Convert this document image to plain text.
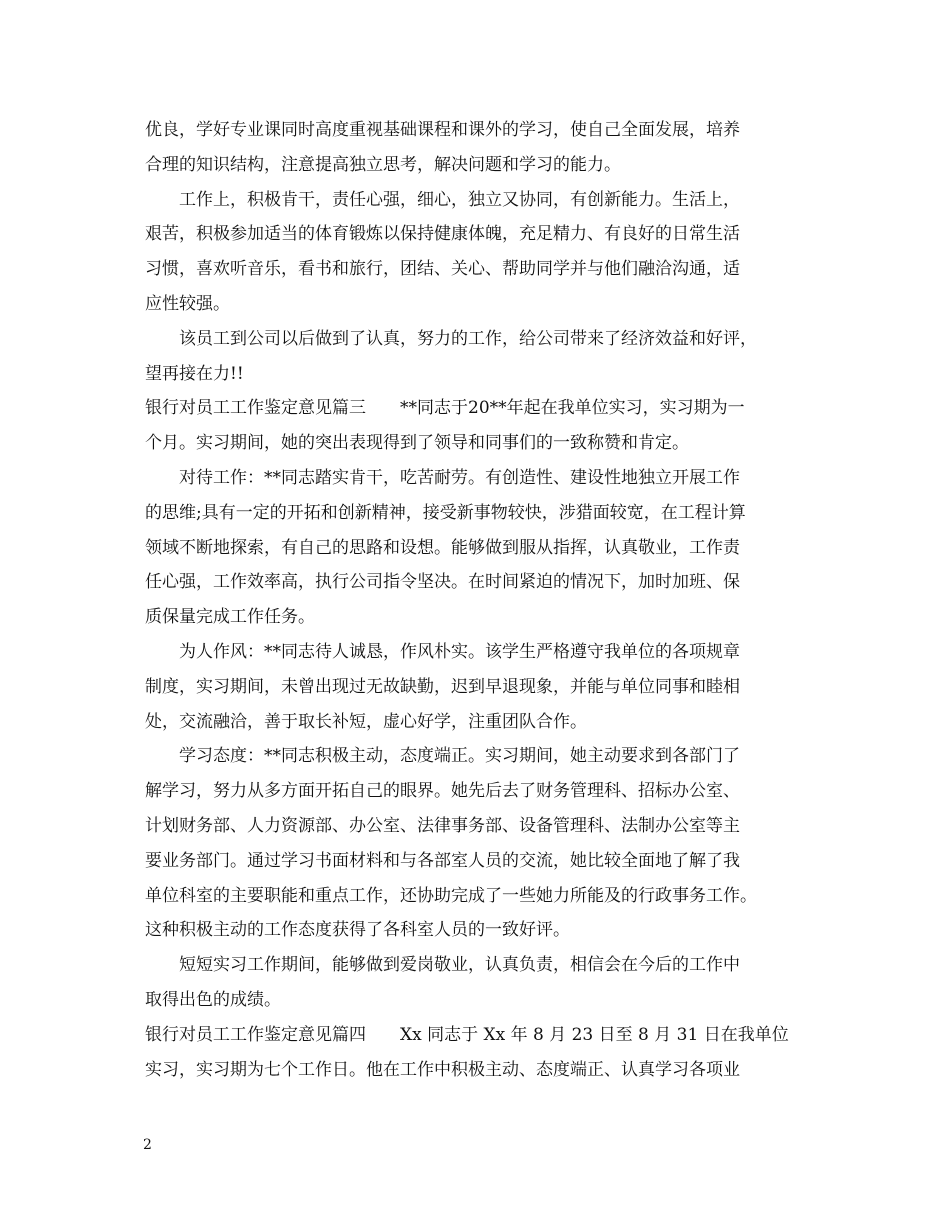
优良，学好专业课同时高度重视基础课程和课外的学习，使自己全面发展，培养
合理的知识结构，注意提高独立思考，解决问题和学习的能力。
工作上，积极肯干，责任心强，细心，独立又协同，有创新能力。生活上，
艰苦，积极参加适当的体育锻炼以保持健康体魄，充足精力、有良好的日常生活
习惯，喜欢听音乐，看书和旅行，团结、关心、帮助同学并与他们融洽沟通，适
应性较强。
该员工到公司以后做到了认真，努力的工作，给公司带来了经济效益和好评，
望再接在力!!
银行对员工工作鉴定意见篇三　　**同志于20**年起在我单位实习，实习期为一
个月。实习期间，她的突出表现得到了领导和同事们的一致称赞和肯定。
对待工作：**同志踏实肯干，吃苦耐劳。有创造性、建设性地独立开展工作
的思维;具有一定的开拓和创新精神，接受新事物较快，涉猎面较宽，在工程计算
领域不断地探索，有自己的思路和设想。能够做到服从指挥，认真敬业，工作责
任心强，工作效率高，执行公司指令坚决。在时间紧迫的情况下，加时加班、保
质保量完成工作任务。
为人作风：**同志待人诚恳，作风朴实。该学生严格遵守我单位的各项规章
制度，实习期间，未曾出现过无故缺勤，迟到早退现象，并能与单位同事和睦相
处，交流融洽，善于取长补短，虚心好学，注重团队合作。
学习态度：**同志积极主动，态度端正。实习期间，她主动要求到各部门了
解学习，努力从多方面开拓自己的眼界。她先后去了财务管理科、招标办公室、
计划财务部、人力资源部、办公室、法律事务部、设备管理科、法制办公室等主
要业务部门。通过学习书面材料和与各部室人员的交流，她比较全面地了解了我
单位科室的主要职能和重点工作，还协助完成了一些她力所能及的行政事务工作。
这种积极主动的工作态度获得了各科室人员的一致好评。
短短实习工作期间，能够做到爱岗敬业，认真负责，相信会在今后的工作中
取得出色的成绩。
银行对员工工作鉴定意见篇四　　Xx 同志于 Xx 年 8 月 23 日至 8 月 31 日在我单位
实习，实习期为七个工作日。他在工作中积极主动、态度端正、认真学习各项业
2
